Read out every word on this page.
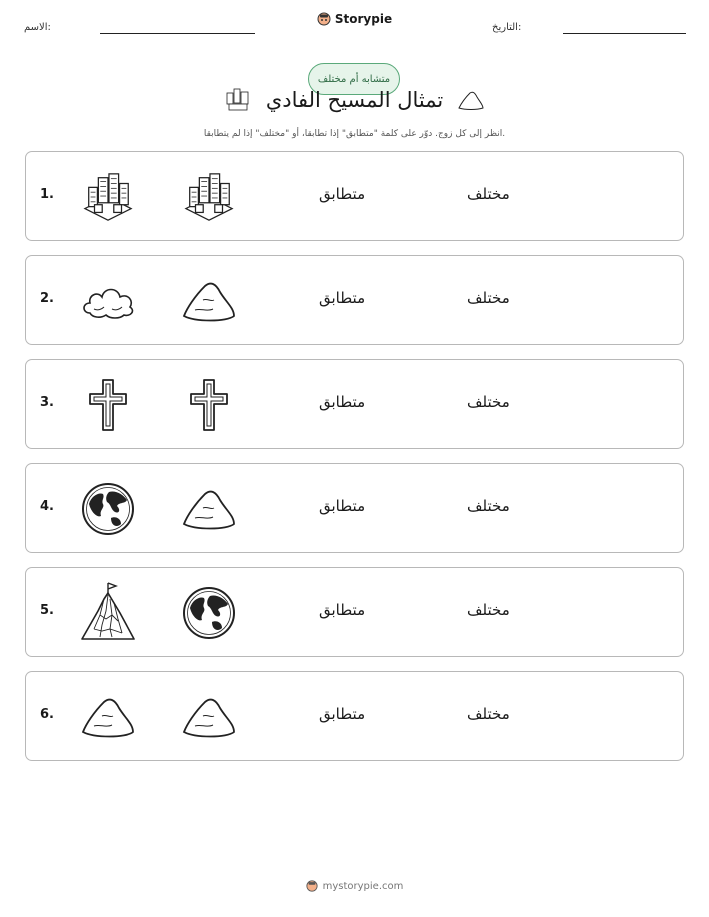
الاسم:
Storypie
التاريخ:
متشابه أم مختلف
تمثال المسيح الفادي
انظر إلى كل زوج. دوّر على كلمة "متطابق" إذا تطابقا، أو "مختلف" إذا لم يتطابقا.
1.	متطابق	مختلف
2.	متطابق	مختلف
3.	متطابق	مختلف
4.	متطابق	مختلف
5.	متطابق	مختلف
6.	متطابق	مختلف
mystorypie.com
